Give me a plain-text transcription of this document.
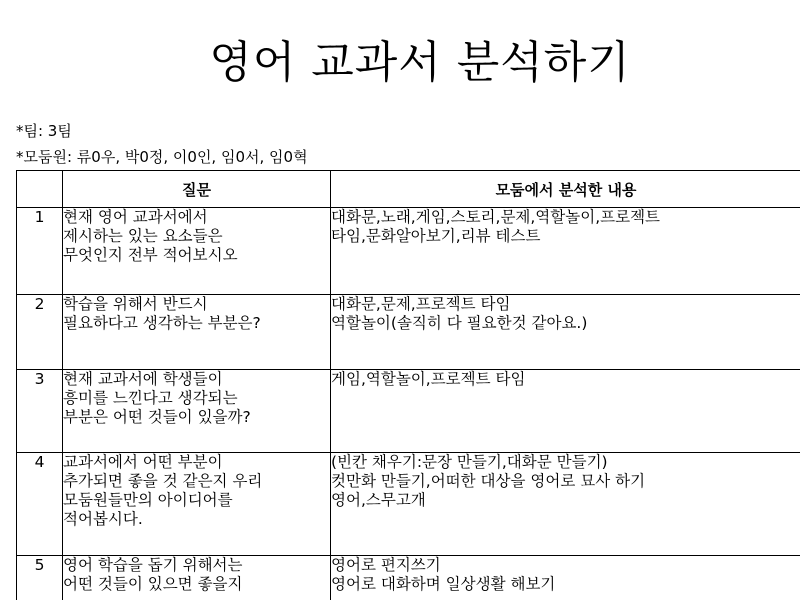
영어 교과서 분석하기

*팀: 3팀

*모둠원: 류0우, 박0정, 이0인, 임0서, 임0혁

	질문	모둠에서 분석한 내용
1	현재 영어 교과서에서
제시하는 있는 요소들은
무엇인지 전부 적어보시오	대화문,노래,게임,스토리,문제,역할놀이,프로젝트
타임,문화알아보기,리뷰 테스트

2	학습을 위해서 반드시
필요하다고 생각하는 부분은?	대화문,문제,프로젝트 타임
역할놀이(솔직히 다 필요한것 같아요.)

3	현재 교과서에 학생들이
흥미를 느낀다고 생각되는
부분은 어떤 것들이 있을까?	게임,역할놀이,프로젝트 타임

4	교과서에서 어떤 부분이
추가되면 좋을 것 같은지 우리
모둠원들만의 아이디어를
적어봅시다.	(빈칸 채우기:문장 만들기,대화문 만들기)
컷만화 만들기,어떠한 대상을 영어로 묘사 하기
영어,스무고개

5	영어 학습을 돕기 위해서는
어떤 것들이 있으면 좋을지	영어로 편지쓰기
영어로 대화하며 일상생활 해보기
